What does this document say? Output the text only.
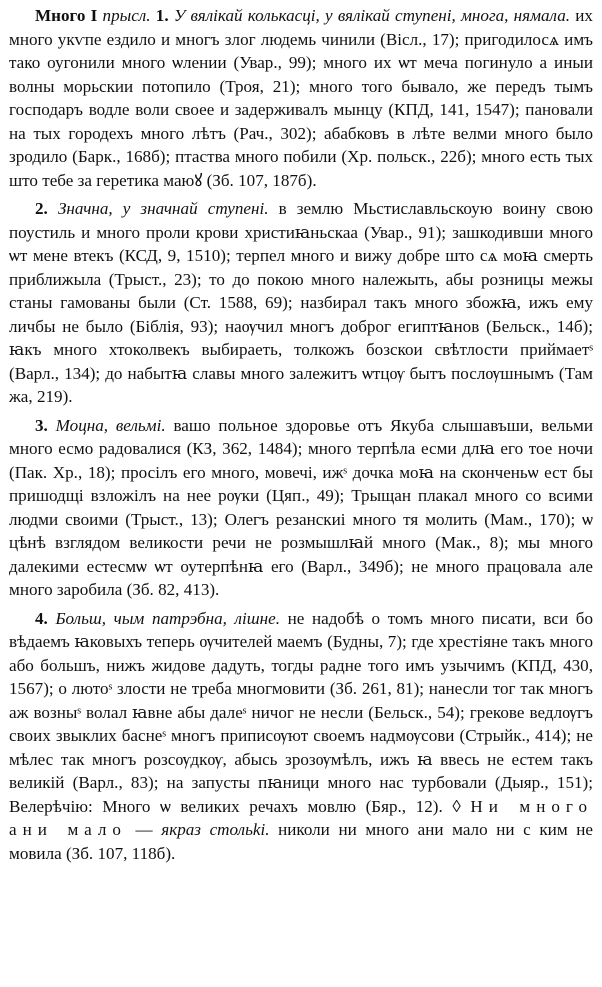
Много I прысл. 1. У вялікай колькасці, у вялікай ступені, многа, нямала. их много укѵпе ездило и многъ злог людемь чинили (Вісл., 17); пригодилосѧ имъ тако оугонили много ѡлении (Увар., 99); много их ѡт меча погинуло а иныи волны морьскии потопило (Троя, 21); много того бывало, же передъ тымъ господаръ водле воли своее и задерживалъ мынцу (КПД, 141, 1547); пановали на тых городехъ много лѣтъ (Рач., 302); абабковъ в лѣте велми много было зродило (Барк., 168б); птаства много побили (Хр. польск., 22б); много есть тых што тебе за геретика маюꙋ (Зб. 107, 187б).

2. Значна, у значнай ступені. в землю Мьстиславльскоую воину свою поустиль и много проли крови христиꙗньскаа (Увар., 91); зашкодивши много ѡт мене втекъ (КСД, 9, 1510); терпел много и вижу добре што сѧ моꙗ смерть приближыла (Трыст., 23); то до покою много належыть, абы розницы межы станы гамованы были (Ст. 1588, 69); назбирал такъ много збожꙗ, ижъ ему личбы не было (Біблія, 93); наѹчил многъ доброг египтꙗнов (Бельск., 14б); ꙗкъ много хтоколвекъ выбираеть, толкожъ бозскои свѣтлости приймаетˢ (Варл., 134); до набытꙗ славы много залежитъ ѡтцѹ бытъ послѹшнымъ (Там жа, 219).

3. Моцна, вельмі. вашо польное здоровье отъ Якуба слышавъши, вельми много есмо радовалися (КЗ, 362, 1484); много терпѣла есми длꙗ его тое ночи (Пак. Хр., 18); просілъ его много, мовечі, ижˢ дочка моꙗ на сконченьѡ ест бы пришодщі взложілъ на нее рѹки (Цяп., 49); Трыщан плакал много со всими людми своими (Трыст., 13); Олегъ резанскиі много тя молить (Мам., 170); ѡ цѣнѣ взглядом великости речи не розмышлꙗй много (Мак., 8); мы много далекими естесмѡ ѡт оутерпѣнꙗ его (Варл., 349б); не много працовала але много заробила (Зб. 82, 413).

4. Больш, чым патрэбна, лішне. не надобѣ о томъ много писати, вси бо вѣдаемъ ꙗковыхъ теперь ѹчителей маемъ (Будны, 7); где хрестіяне такъ много або большъ, нижъ жидове дадуть, тогды радне того имъ узычимъ (КПД, 430, 1567); о лютоˢ злости не треба многмовити (Зб. 261, 81); нанесли тог так многъ аж возныˢ волал ꙗвне абы далеˢ ничог не несли (Бельск., 54); грекове ведлѹгъ своих звыклих баснеˢ многъ приписѹют своемъ надмѹсови (Стрыйк., 414); не мѣлес так многъ розсѹдкѹ, абысь зрозѹмѣлъ, ижъ ꙗ ввесь не естем такъ великій (Варл., 83); на запусты пꙗници много нас турбовали (Дыяр., 151); Велерѣчію: Много ѡ великих речахъ мовлю (Бяр., 12). ◊ Ни много ани мало — якраз стольki. николи ни много ани мало ни с ким не мовила (Зб. 107, 118б).
